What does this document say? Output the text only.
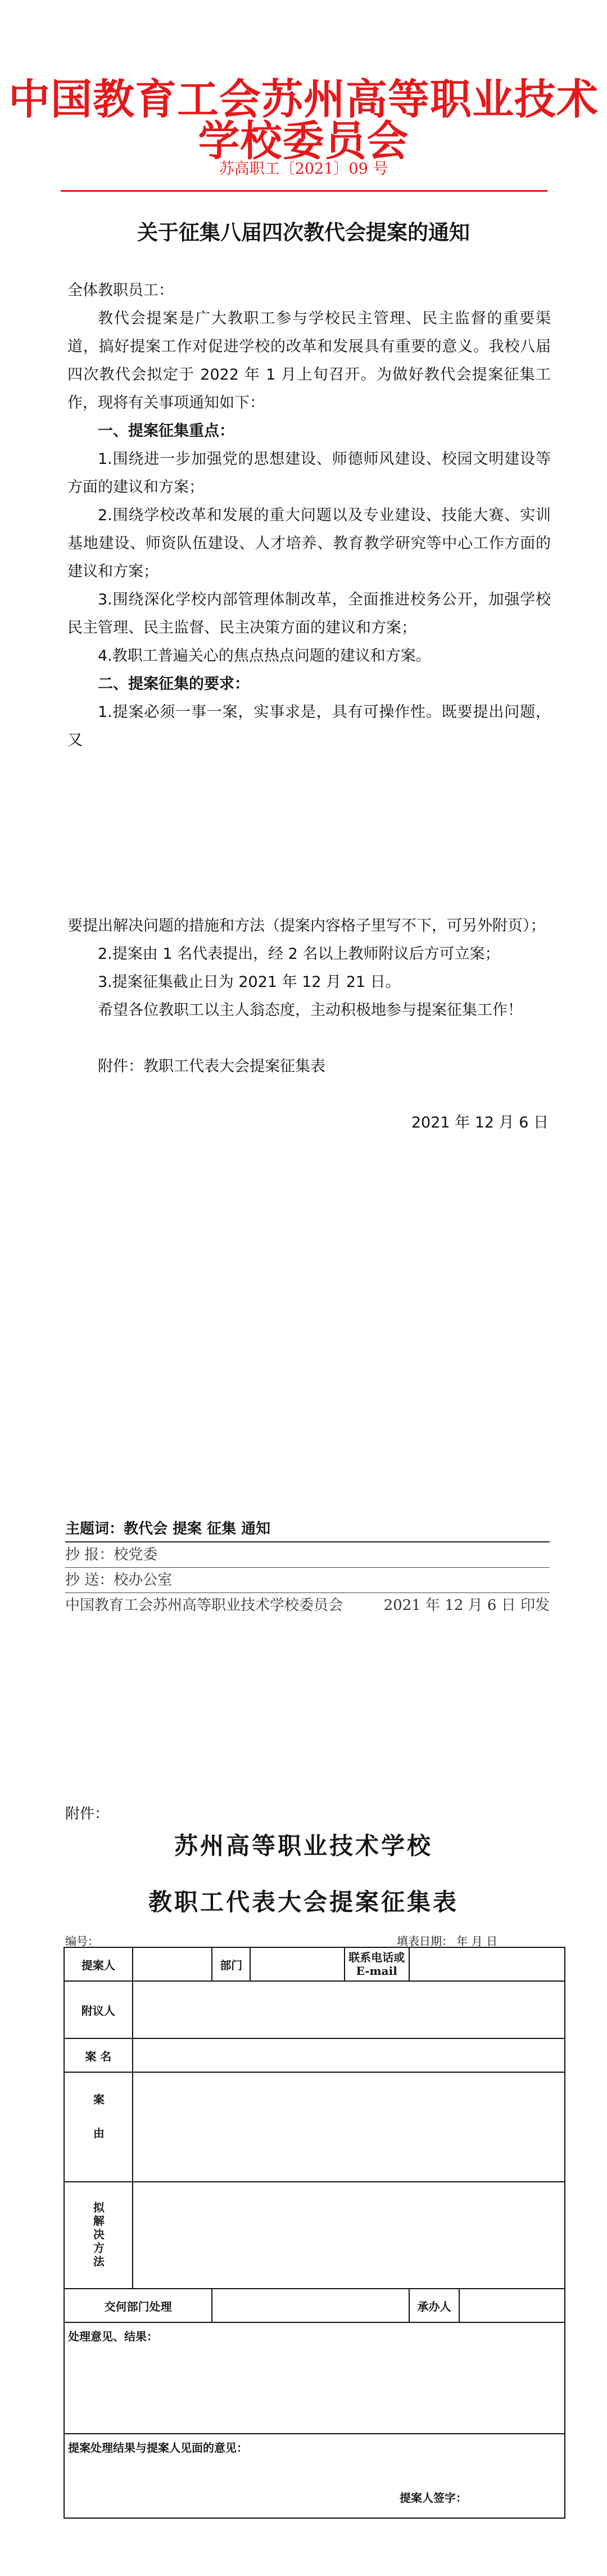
中国教育工会苏州高等职业技术学校委员会
苏高职工〔2021〕09 号
关于征集八届四次教代会提案的通知

全体教职员工：

教代会提案是广大教职工参与学校民主管理、民主监督的重要渠道，搞好提案工作对促进学校的改革和发展具有重要的意义。我校八届四次教代会拟定于 2022 年 1 月上旬召开。为做好教代会提案征集工作，现将有关事项通知如下：

一、提案征集重点：

1.围绕进一步加强党的思想建设、师德师风建设、校园文明建设等方面的建议和方案；

2.围绕学校改革和发展的重大问题以及专业建设、技能大赛、实训基地建设、师资队伍建设、人才培养、教育教学研究等中心工作方面的建议和方案；

3.围绕深化学校内部管理体制改革，全面推进校务公开，加强学校民主管理、民主监督、民主决策方面的建议和方案；

4.教职工普遍关心的焦点热点问题的建议和方案。

二、提案征集的要求：

1.提案必须一事一案，实事求是，具有可操作性。既要提出问题，又

要提出解决问题的措施和方法（提案内容格子里写不下，可另外附页）；

2.提案由 1 名代表提出，经 2 名以上教师附议后方可立案；

3.提案征集截止日为 2021 年 12 月 21 日。

希望各位教职工以主人翁态度，主动积极地参与提案征集工作！

附件：教职工代表大会提案征集表

2021 年 12 月 6 日

主题词：教代会 提案 征集 通知
抄 报：校党委
抄 送：校办公室
中国教育工会苏州高等职业技术学校委员会	2021 年 12 月 6 日 印发
附件：
苏州高等职业技术学校
教职工代表大会提案征集表
编号：	填表日期： 年 月 日
提案人		部门		联系电话或 E-mail		
附议人						
案 名						

案由						

拟解决方法						

交何部门处理					承办人	
处理意见、结果：						

提案处理结果与提案人见面的意见：
提案人签字：						
